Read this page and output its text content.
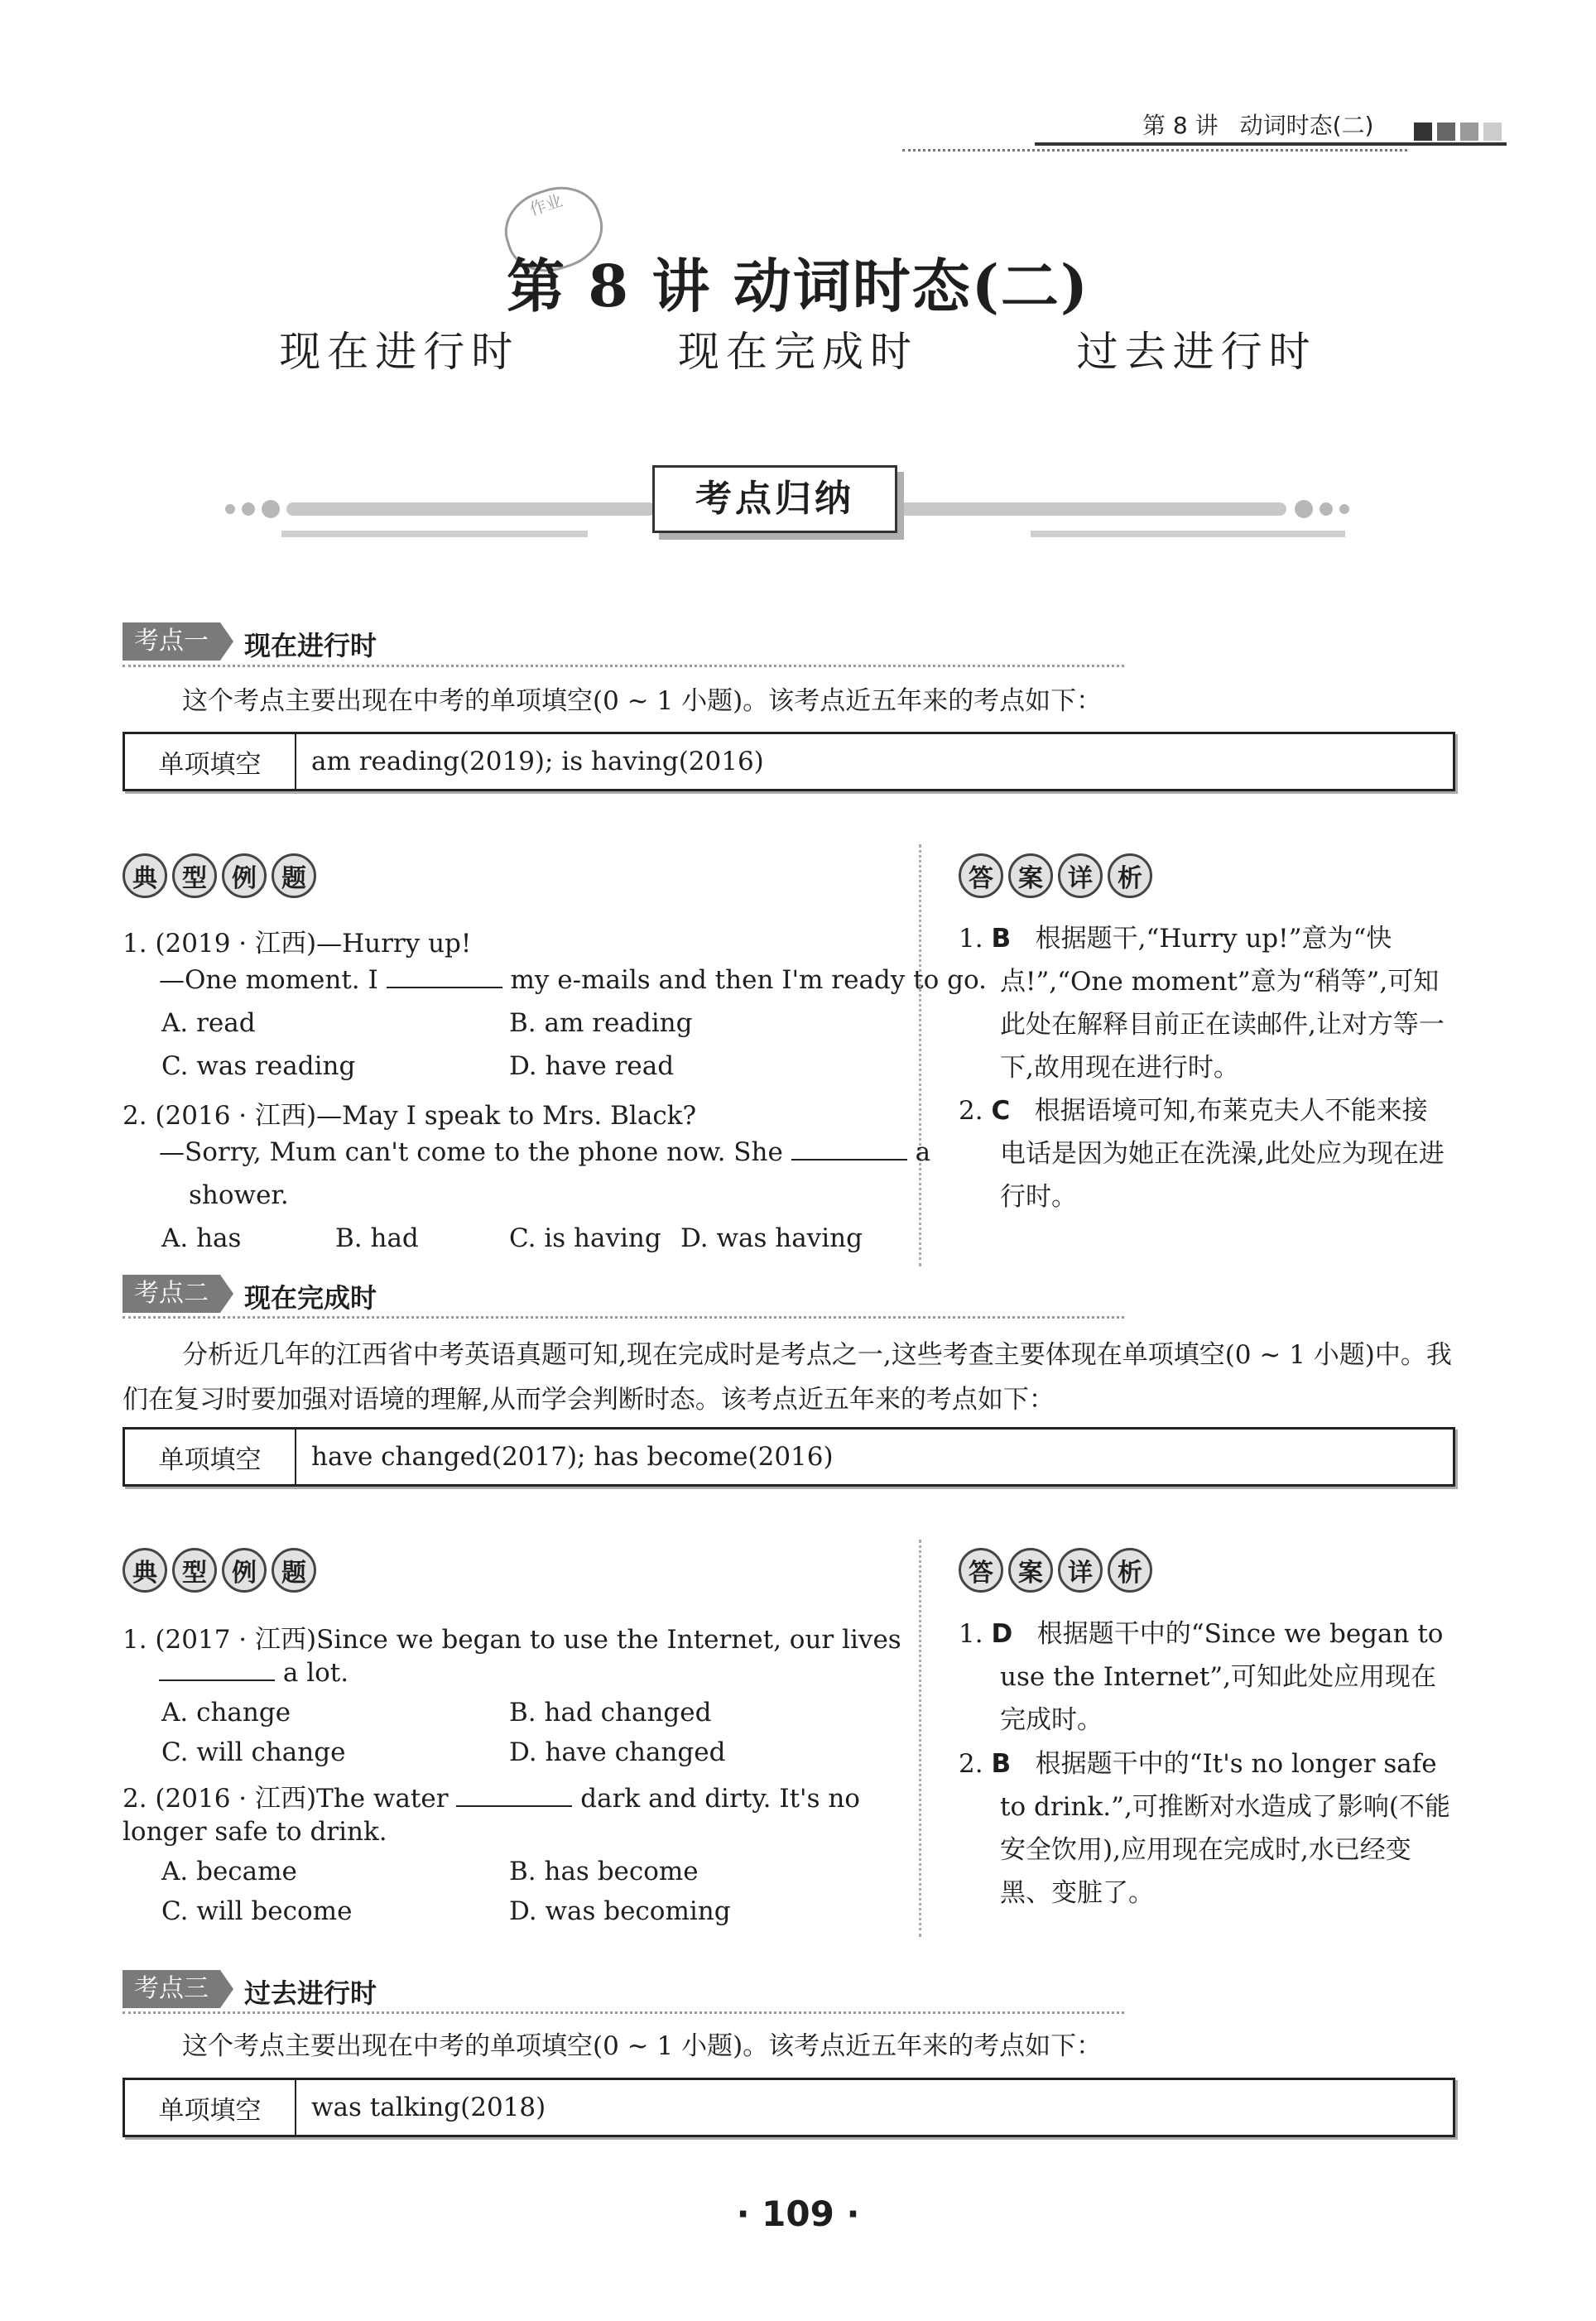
第 8 讲 动词时态(二)
作业
第 8 讲 动词时态(二)
现在进行时   现在完成时   过去进行时
考点归纳
考点一	现在进行时
这个考点主要出现在中考的单项填空(0 ~ 1 小题)。该考点近五年来的考点如下：
单项填空	am reading(2019); is having(2016)
典	型	例	题	答	案	详	析
1. (2019 · 江西)—Hurry up!
—One moment. I	my e-mails and then I'm ready to go.
A. read	B. am reading
C. was reading	D. have read
2. (2016 · 江西)—May I speak to Mrs. Black?
—Sorry, Mum can't come to the phone now. She	a
shower.
A. has	B. had	C. is having D. was having
1. B 根据题干,“Hurry up!”意为“快点!”,“One moment”意为“稍等”,可知此处在解释目前正在读邮件,让对方等一下,故用现在进行时。
2. C 根据语境可知,布莱克夫人不能来接电话是因为她正在洗澡,此处应为现在进行时。
考点二	现在完成时
分析近几年的江西省中考英语真题可知,现在完成时是考点之一,这些考查主要体现在单项填空(0 ~ 1 小题)中。我们在复习时要加强对语境的理解,从而学会判断时态。该考点近五年来的考点如下：
单项填空	have changed(2017); has become(2016)
典	型	例	题	答	案	详	析
1. (2017 · 江西)Since we began to use the Internet, our lives
a lot.
A. change	B. had changed
C. will change	D. have changed
2. (2016 · 江西)The water	dark and dirty. It's no
longer safe to drink.
A. became	B. has become
C. will become	D. was becoming
1. D 根据题干中的“Since we began to use the Internet”,可知此处应用现在完成时。
2. B 根据题干中的“It's no longer safe to drink.”,可推断对水造成了影响(不能安全饮用),应用现在完成时,水已经变黑、变脏了。
考点三	过去进行时
这个考点主要出现在中考的单项填空(0 ~ 1 小题)。该考点近五年来的考点如下：
单项填空	was talking(2018)
· 109 ·
